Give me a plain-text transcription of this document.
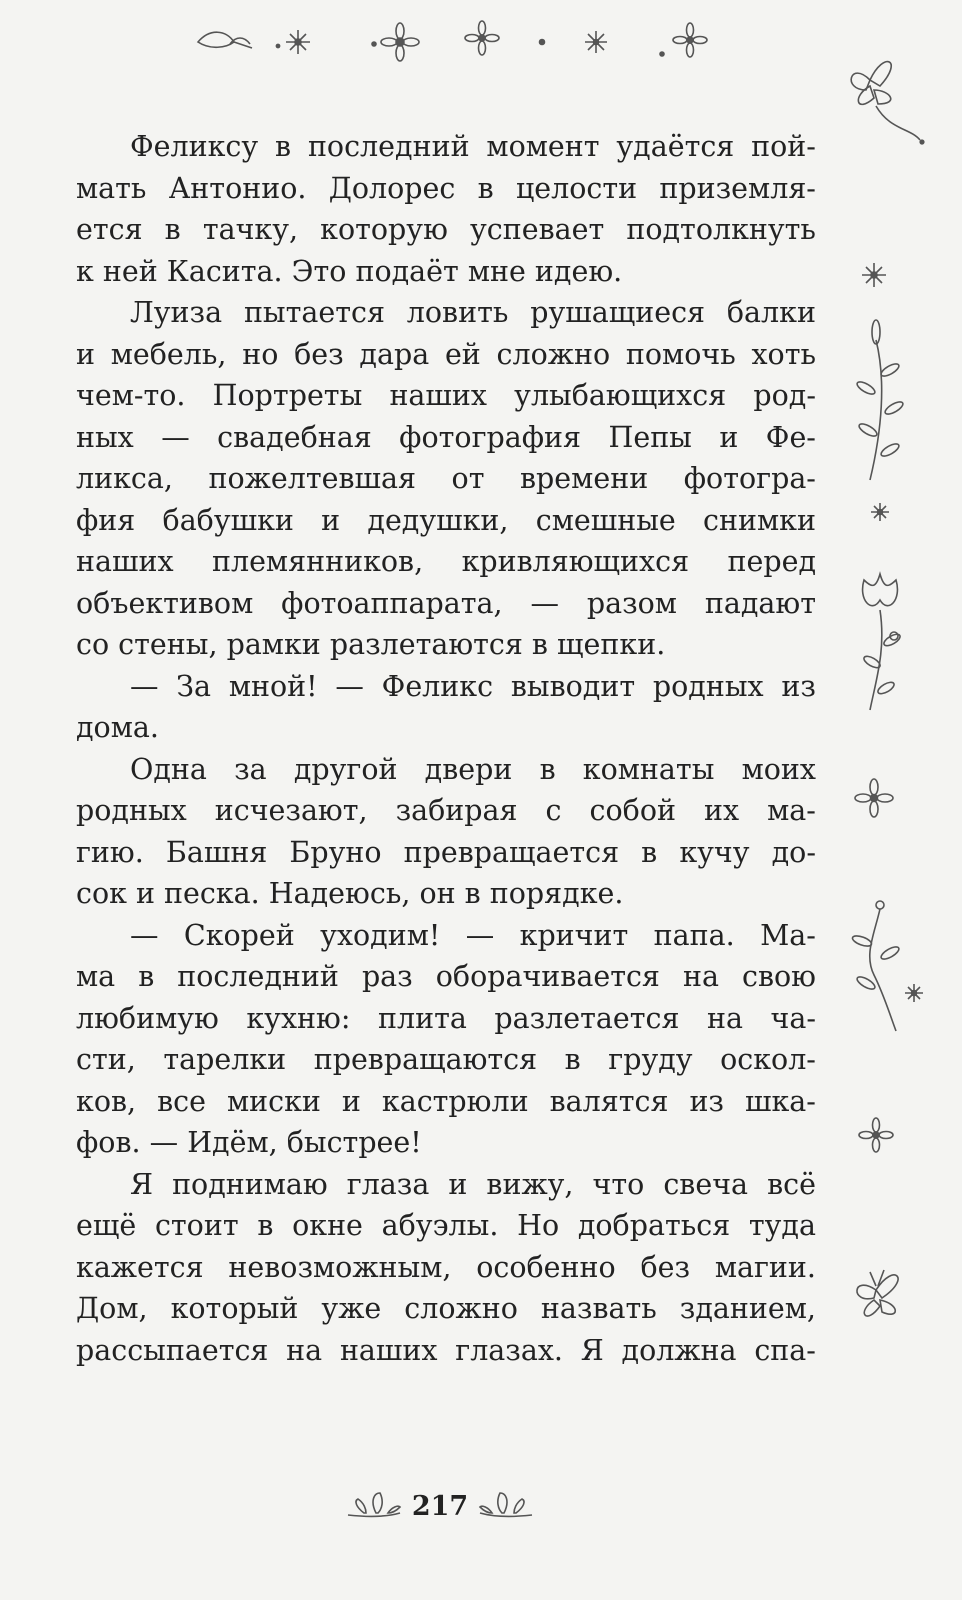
Феликсу в последний момент удаётся пой-
мать Антонио. Долорес в целости приземля-
ется в тачку, которую успевает подтолкнуть
к ней Касита. Это подаёт мне идею.
Луиза пытается ловить рушащиеся балки
и мебель, но без дара ей сложно помочь хоть
чем-то. Портреты наших улыбающихся род-
ных — свадебная фотография Пепы и Фе-
ликса, пожелтевшая от времени фотогра-
фия бабушки и дедушки, смешные снимки
наших племянников, кривляющихся перед
объективом фотоаппарата, — разом падают
со стены, рамки разлетаются в щепки.
— За мной! — Феликс выводит родных из
дома.
Одна за другой двери в комнаты моих
родных исчезают, забирая с собой их ма-
гию. Башня Бруно превращается в кучу до-
сок и песка. Надеюсь, он в порядке.
— Скорей уходим! — кричит папа. Ма-
ма в последний раз оборачивается на свою
любимую кухню: плита разлетается на ча-
сти, тарелки превращаются в груду оскол-
ков, все миски и кастрюли валятся из шка-
фов. — Идём, быстрее!
Я поднимаю глаза и вижу, что свеча всё
ещё стоит в окне абуэлы. Но добраться туда
кажется невозможным, особенно без магии.
Дом, который уже сложно назвать зданием,
рассыпается на наших глазах. Я должна спа-
217
